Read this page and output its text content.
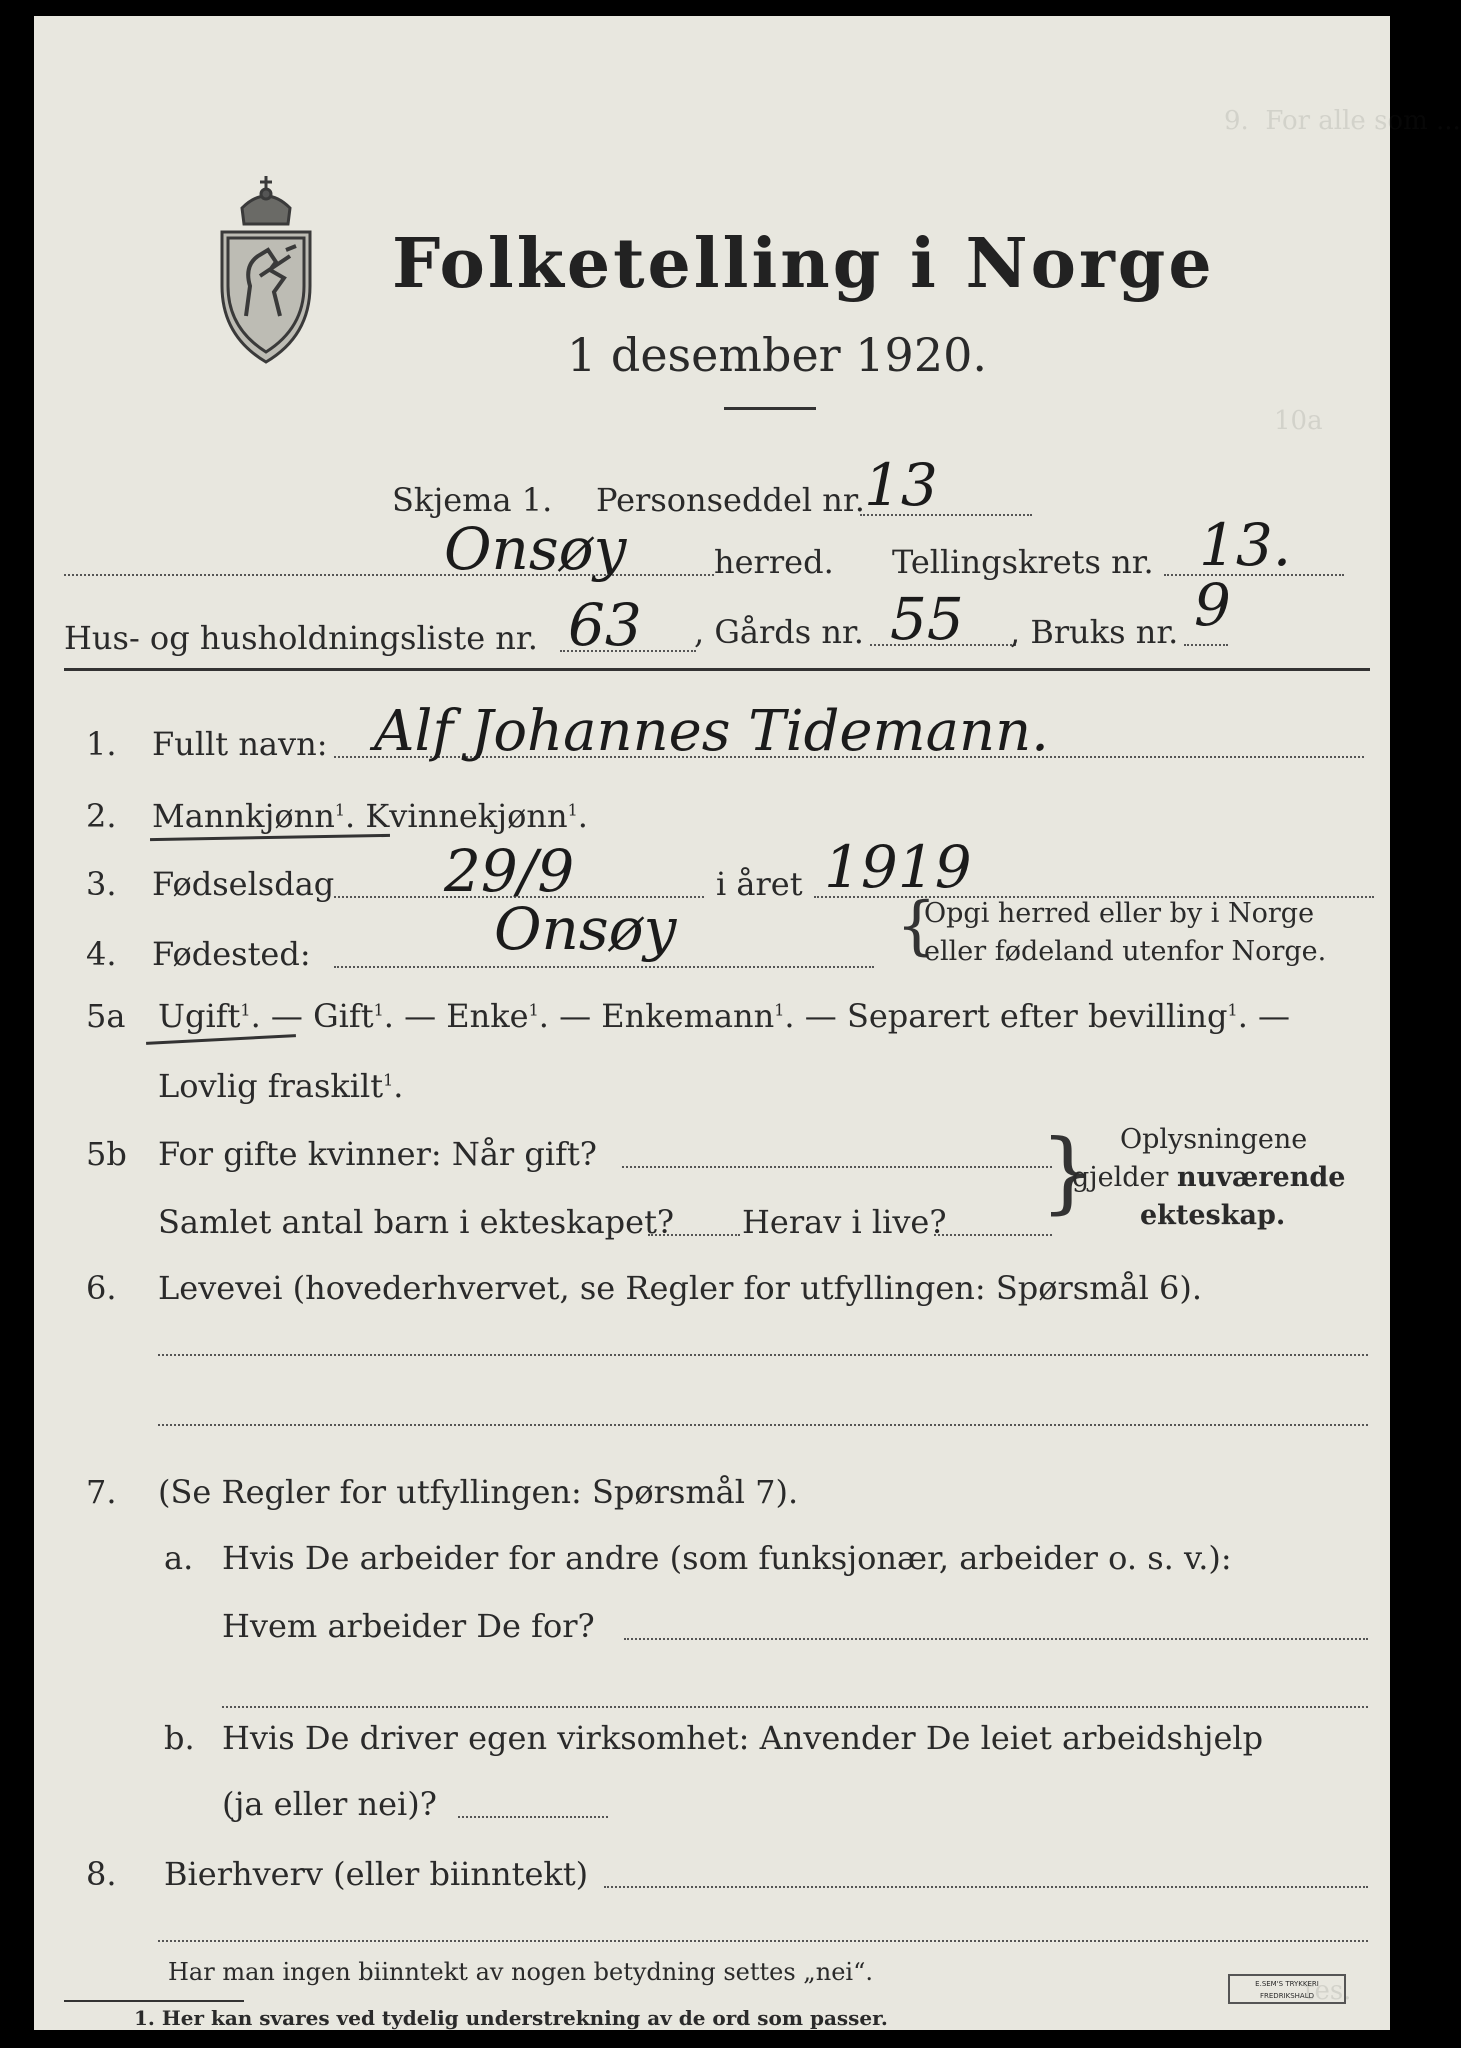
9.  For alle som ...
10a
tes.
Folketelling i Norge
1 desember 1920.
Skjema 1. Personseddel nr. 13
Onsøy	herred. Tellingskrets nr. 13.
Hus- og husholdningsliste nr. 63 , Gårds nr. 55 , Bruks nr. 9
1. Fullt navn: Alf Johannes Tidemann.
2. Mannkjønn$^1$. Kvinnekjønn$^1$.
3. Fødselsdag 29/9	i året 1919
4. Fødested:	Onsøy	{
Opgi herred eller by i Norge
eller fødeland utenfor Norge.
5a Ugift$^1$. — Gift$^1$. — Enke$^1$. — Enkemann$^1$. — Separert efter bevilling$^1$. —
Lovlig fraskilt$^1$.
5b For gifte kvinner: Når gift?
Samlet antal barn i ekteskapet? Herav i live? } Oplysningene
gjelder nuværende
ekteskap.
6. Levevei (hovederhvervet, se Regler for utfyllingen: Spørsmål 6).
7. (Se Regler for utfyllingen: Spørsmål 7).
a. Hvis De arbeider for andre (som funksjonær, arbeider o. s. v.):
Hvem arbeider De for?
b. Hvis De driver egen virksomhet: Anvender De leiet arbeidshjelp
(ja eller nei)?
8. Bierhverv (eller biinntekt)
Har man ingen biinntekt av nogen betydning settes „nei“.
1. Her kan svares ved tydelig understrekning av de ord som passer.
E.SEM'S TRYKKERI
FREDRIKSHALD
